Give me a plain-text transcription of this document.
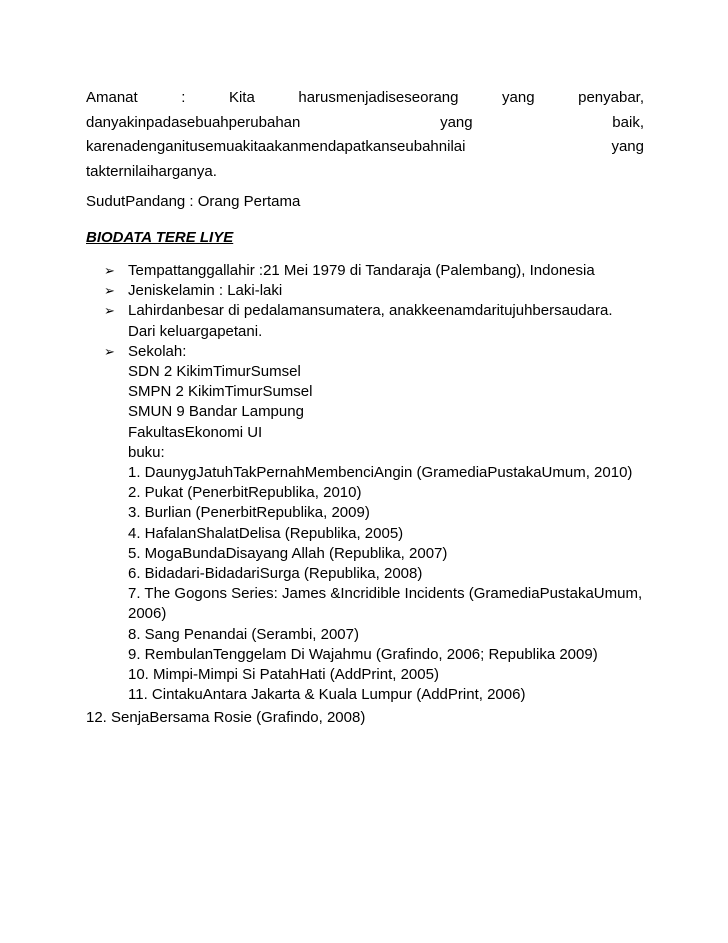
Amanat	:	Kita	harusmenjadiseseorang	yang	penyabar,
danyakinpadasebuahperubahan	yang	baik,
karenadenganitusemuakitaakanmendapatkanseubahnilai	yang
takternilaiharganya.
SudutPandang : Orang Pertama
BIODATA TERE LIYE
➢ Tempattanggallahir :21 Mei 1979 di Tandaraja (Palembang), Indonesia
➢ Jeniskelamin : Laki-laki
➢ Lahirdanbesar di pedalamansumatera, anakkeenamdaritujuhbersaudara.
Dari keluargapetani.
➢ Sekolah:
SDN 2 KikimTimurSumsel
SMPN 2 KikimTimurSumsel
SMUN 9 Bandar Lampung
FakultasEkonomi UI
buku:
1. DaunygJatuhTakPernahMembenciAngin (GramediaPustakaUmum, 2010)
2. Pukat (PenerbitRepublika, 2010)
3. Burlian (PenerbitRepublika, 2009)
4. HafalanShalatDelisa (Republika, 2005)
5. MogaBundaDisayang Allah (Republika, 2007)
6. Bidadari-BidadariSurga (Republika, 2008)
7. The Gogons Series: James &Incridible Incidents (GramediaPustakaUmum,
2006)
8. Sang Penandai (Serambi, 2007)
9. RembulanTenggelam Di Wajahmu (Grafindo, 2006; Republika 2009)
10. Mimpi-Mimpi Si PatahHati (AddPrint, 2005)
11. CintakuAntara Jakarta & Kuala Lumpur (AddPrint, 2006)
12. SenjaBersama Rosie (Grafindo, 2008)
